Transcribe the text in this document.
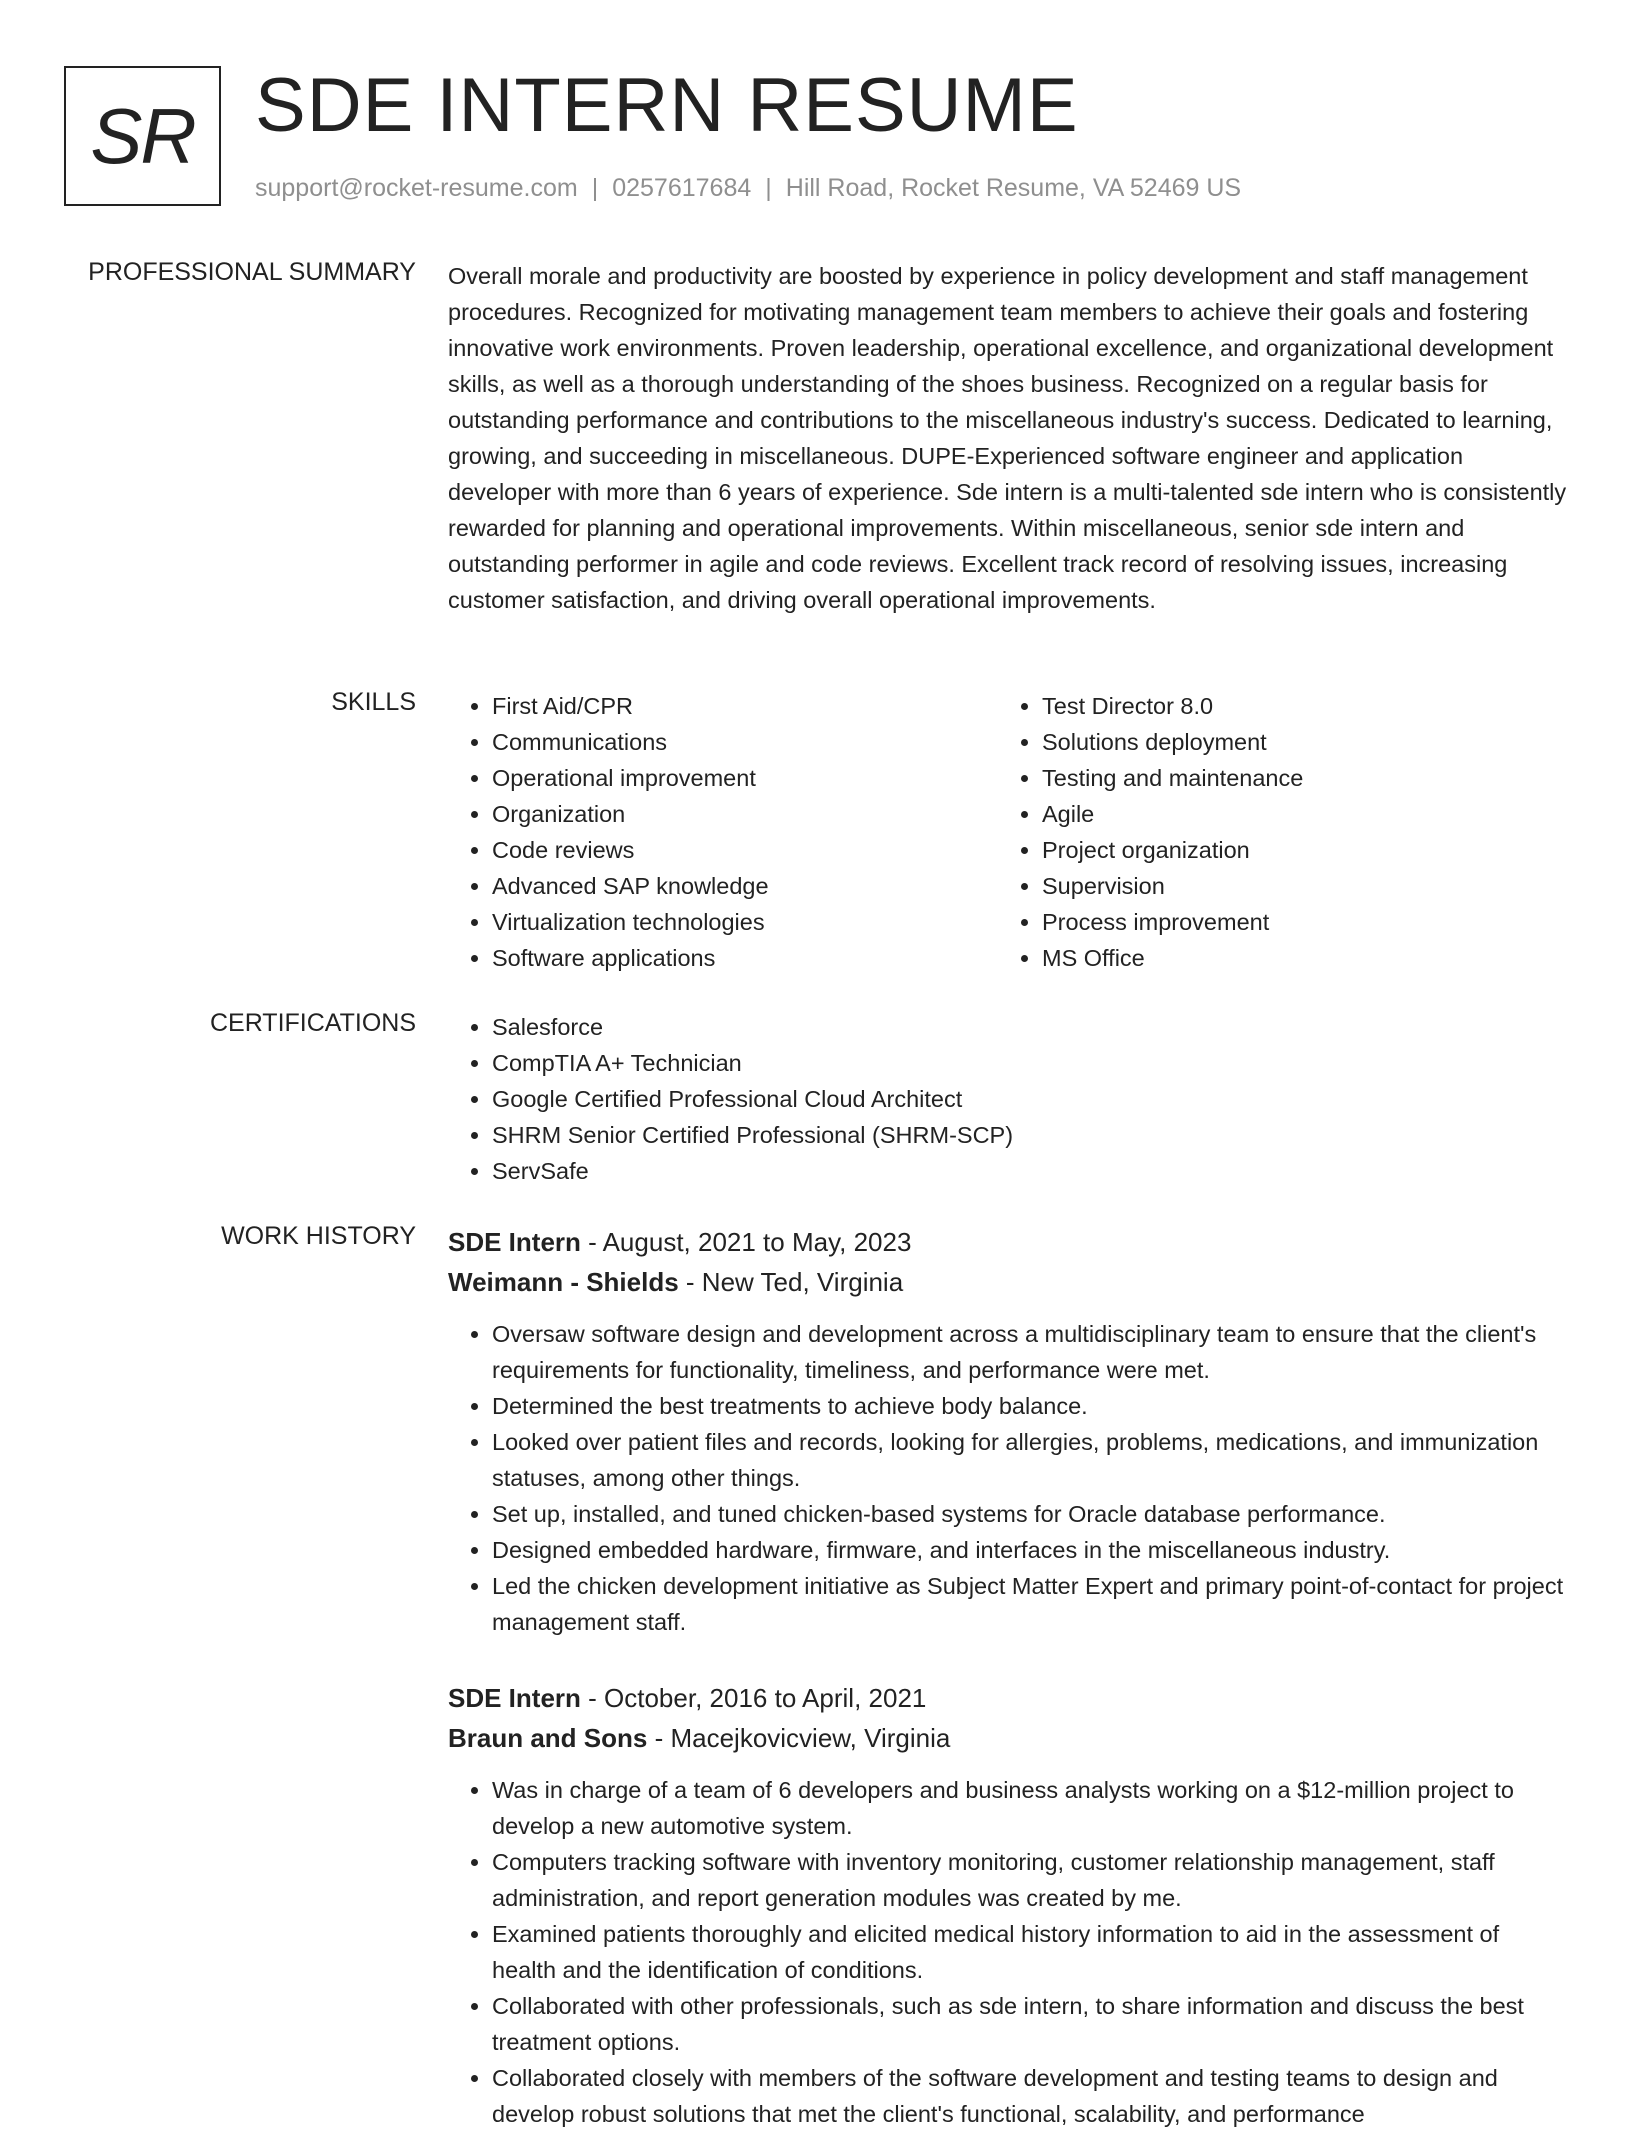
SR SDE INTERN RESUME
support@rocket-resume.com | 0257617684 | Hill Road, Rocket Resume, VA 52469 US
PROFESSIONAL SUMMARY Overall morale and productivity are boosted by experience in policy development and staff management procedures. Recognized for motivating management team members to achieve their goals and fostering innovative work environments. Proven leadership, operational excellence, and organizational development skills, as well as a thorough understanding of the shoes business. Recognized on a regular basis for outstanding performance and contributions to the miscellaneous industry's success. Dedicated to learning, growing, and succeeding in miscellaneous. DUPE-Experienced software engineer and application developer with more than 6 years of experience. Sde intern is a multi-talented sde intern who is consistently rewarded for planning and operational improvements. Within miscellaneous, senior sde intern and outstanding performer in agile and code reviews. Excellent track record of resolving issues, increasing customer satisfaction, and driving overall operational improvements.

SKILLS	• First Aid/CPR
• Communications
• Operational improvement
• Organization
• Code reviews
• Advanced SAP knowledge
• Virtualization technologies
• Software applications
• Test Director 8.0
• Solutions deployment
• Testing and maintenance
• Agile
• Project organization
• Supervision
• Process improvement
• MS Office
CERTIFICATIONS	• Salesforce
• CompTIA A+ Technician
• Google Certified Professional Cloud Architect
• SHRM Senior Certified Professional (SHRM-SCP)
• ServSafe
WORK HISTORY SDE Intern - August, 2021 to May, 2023
Weimann - Shields - New Ted, Virginia
• Oversaw software design and development across a multidisciplinary team to ensure that the client's requirements for functionality, timeliness, and performance were met.
• Determined the best treatments to achieve body balance.
• Looked over patient files and records, looking for allergies, problems, medications, and immunization statuses, among other things.
• Set up, installed, and tuned chicken-based systems for Oracle database performance.
• Designed embedded hardware, firmware, and interfaces in the miscellaneous industry.
• Led the chicken development initiative as Subject Matter Expert and primary point-of-contact for project management staff.
SDE Intern - October, 2016 to April, 2021
Braun and Sons - Macejkovicview, Virginia
• Was in charge of a team of 6 developers and business analysts working on a $12-million project to develop a new automotive system.
• Computers tracking software with inventory monitoring, customer relationship management, staff administration, and report generation modules was created by me.
• Examined patients thoroughly and elicited medical history information to aid in the assessment of health and the identification of conditions.
• Collaborated with other professionals, such as sde intern, to share information and discuss the best treatment options.
• Collaborated closely with members of the software development and testing teams to design and develop robust solutions that met the client's functional, scalability, and performance
